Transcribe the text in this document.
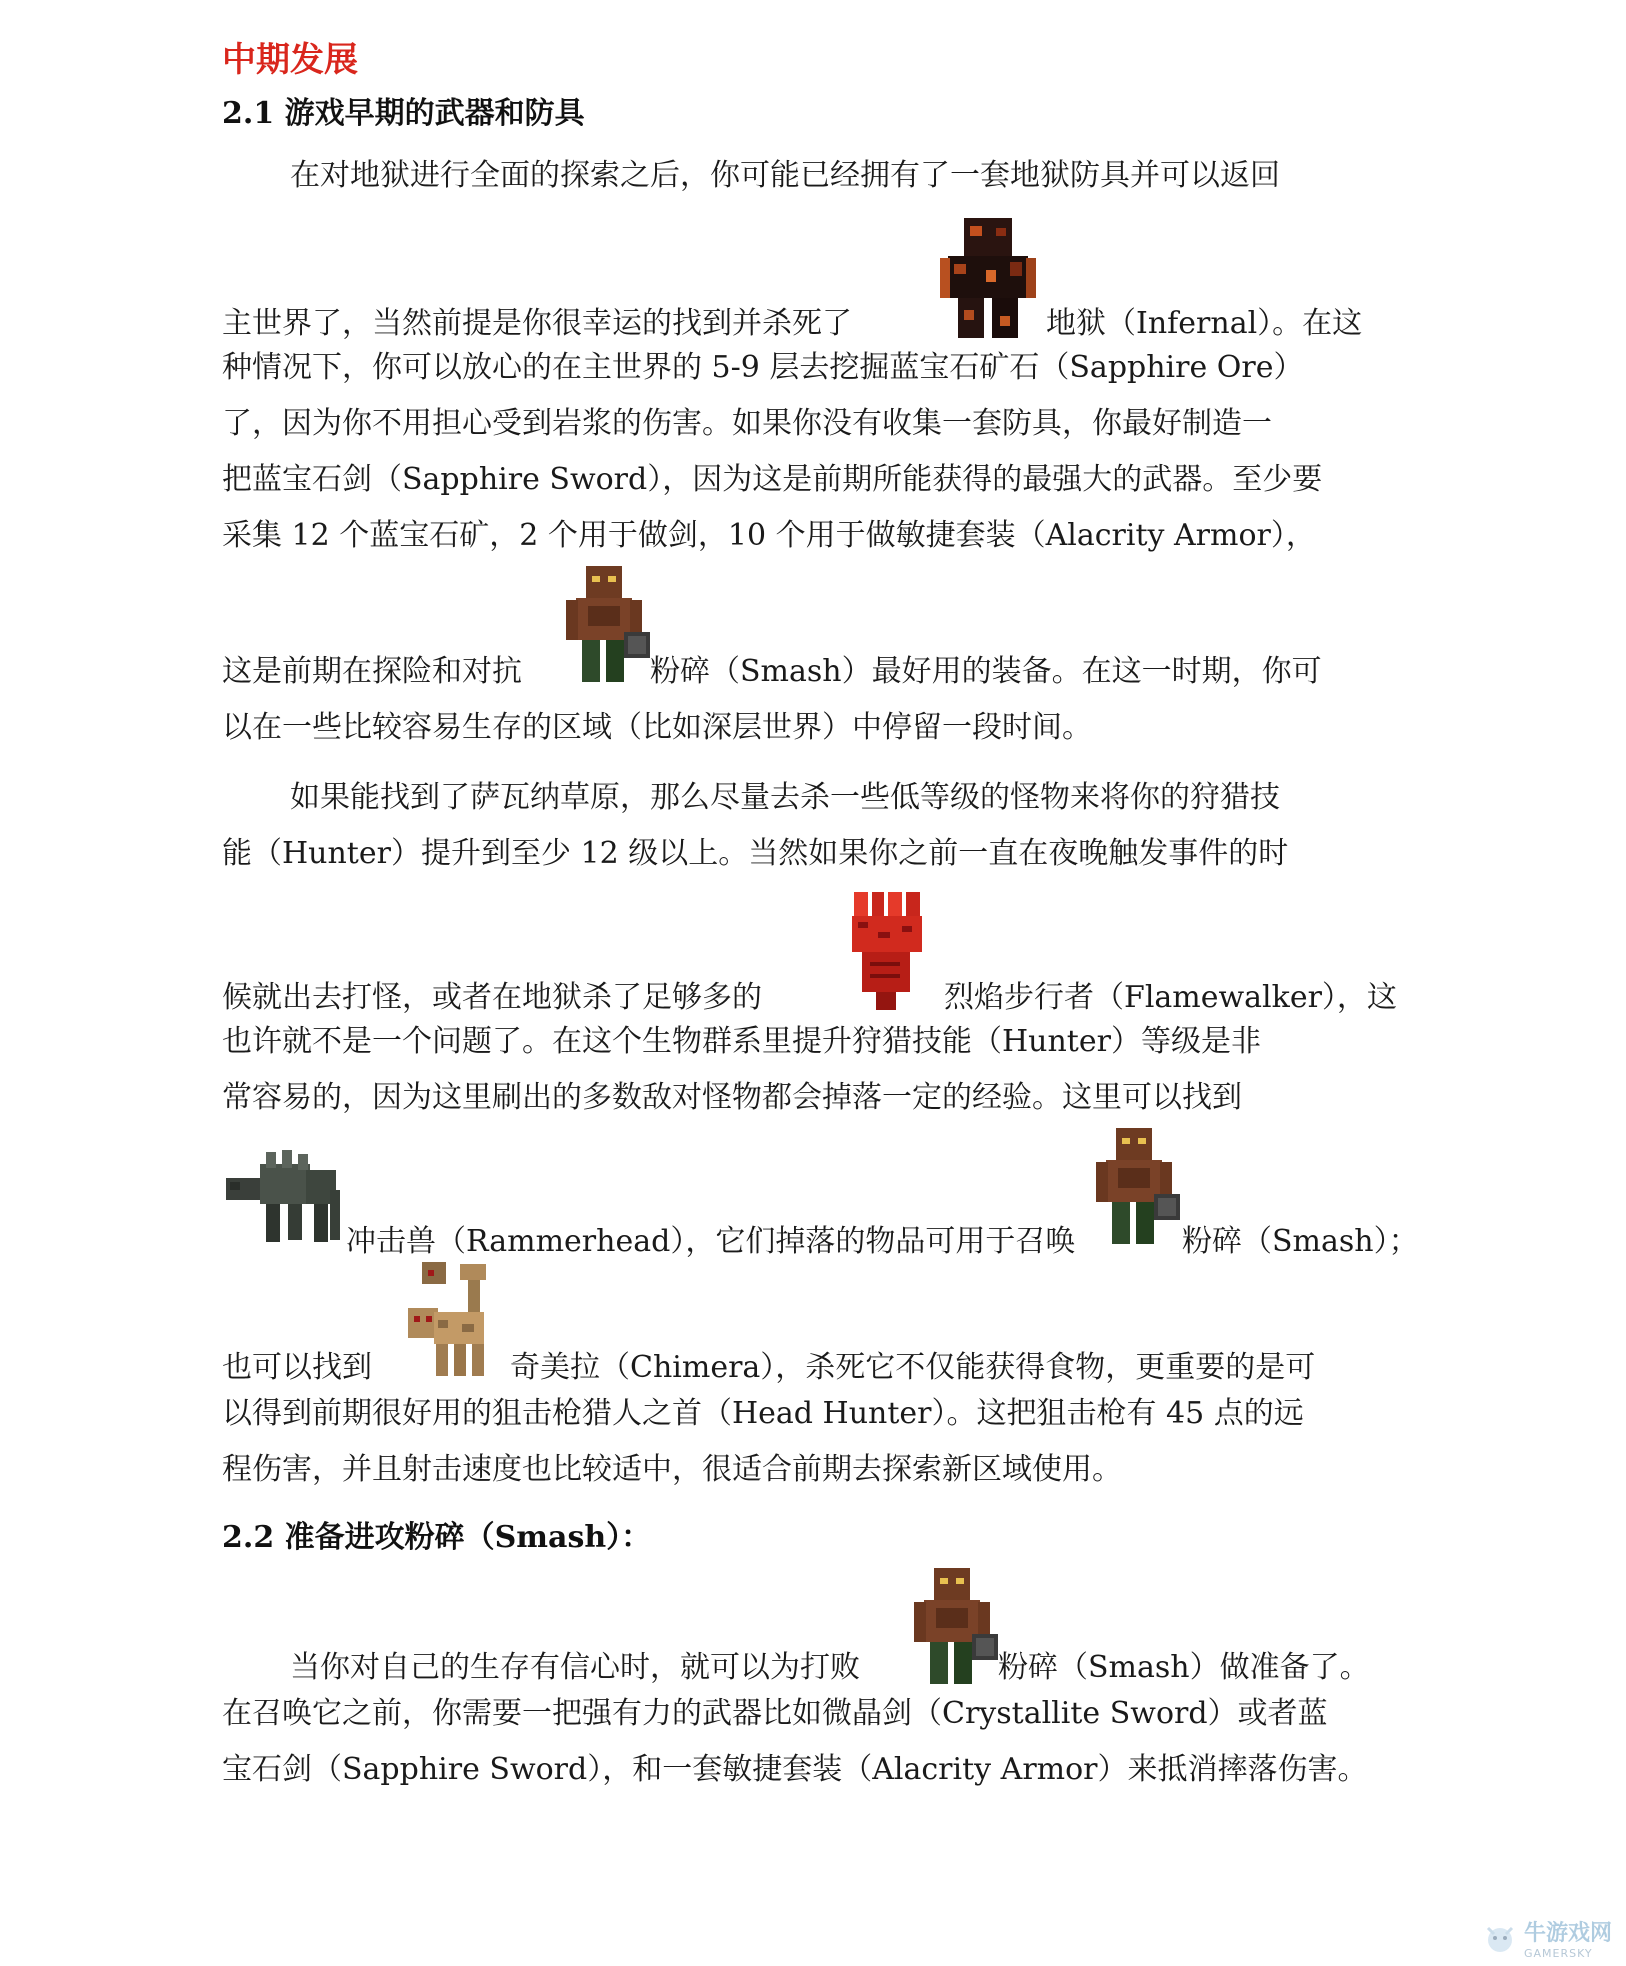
中期发展
2.1 游戏早期的武器和防具
在对地狱进行全面的探索之后，你可能已经拥有了一套地狱防具并可以返回
主世界了，当然前提是你很幸运的找到并杀死了	地狱（Infernal）。在这
种情况下，你可以放心的在主世界的 5-9 层去挖掘蓝宝石矿石（Sapphire Ore）
了，因为你不用担心受到岩浆的伤害。如果你没有收集一套防具，你最好制造一
把蓝宝石剑（Sapphire Sword），因为这是前期所能获得的最强大的武器。至少要
采集 12 个蓝宝石矿，2 个用于做剑，10 个用于做敏捷套装（Alacrity Armor），
这是前期在探险和对抗	粉碎（Smash）最好用的装备。在这一时期，你可
以在一些比较容易生存的区域（比如深层世界）中停留一段时间。
如果能找到了萨瓦纳草原，那么尽量去杀一些低等级的怪物来将你的狩猎技
能（Hunter）提升到至少 12 级以上。当然如果你之前一直在夜晚触发事件的时
候就出去打怪，或者在地狱杀了足够多的	烈焰步行者（Flamewalker），这
也许就不是一个问题了。在这个生物群系里提升狩猎技能（Hunter）等级是非
常容易的，因为这里刷出的多数敌对怪物都会掉落一定的经验。这里可以找到
冲击兽（Rammerhead），它们掉落的物品可用于召唤	粉碎（Smash）；
也可以找到	奇美拉（Chimera），杀死它不仅能获得食物，更重要的是可
以得到前期很好用的狙击枪猎人之首（Head Hunter）。这把狙击枪有 45 点的远
程伤害，并且射击速度也比较适中，很适合前期去探索新区域使用。
2.2 准备进攻粉碎（Smash）：
当你对自己的生存有信心时，就可以为打败	粉碎（Smash）做准备了。
在召唤它之前，你需要一把强有力的武器比如微晶剑（Crystallite Sword）或者蓝
宝石剑（Sapphire Sword），和一套敏捷套装（Alacrity Armor）来抵消摔落伤害。
牛游戏网
GAMERSKY
